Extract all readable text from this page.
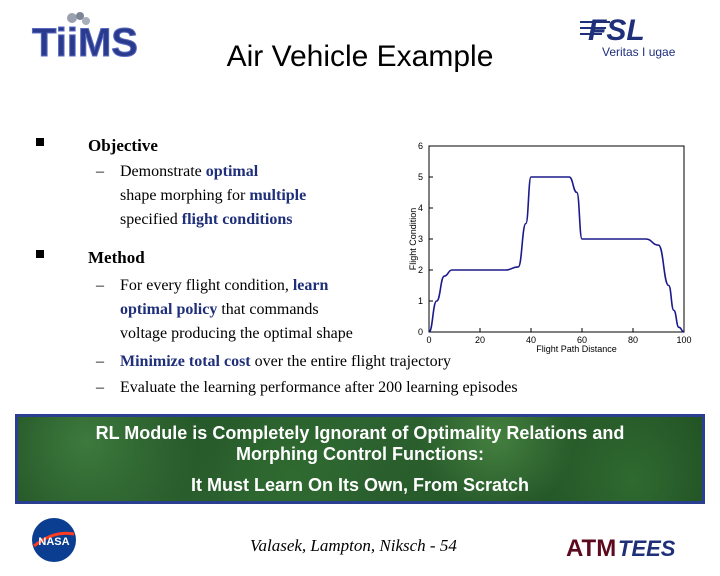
TiiMS	FSL
Veritas I ugae
Air Vehicle Example
Objective
– Demonstrate optimal
shape morphing for multiple
specified flight conditions
Method
– For every flight condition, learn
optimal policy that commands
voltage producing the optimal shape
–	Minimize total cost over the entire flight trajectory
–	Evaluate the learning performance after 200 learning episodes
0	20	40	60	80	100
0
1
2
3
4
5
6
Flight Path Distance
Flight Condition
RL Module is Completely Ignorant of Optimality Relations and
Morphing Control Functions:
It Must Learn On Its Own, From Scratch
NASA	Valasek, Lampton, Niksch - 54	ATM TEES
